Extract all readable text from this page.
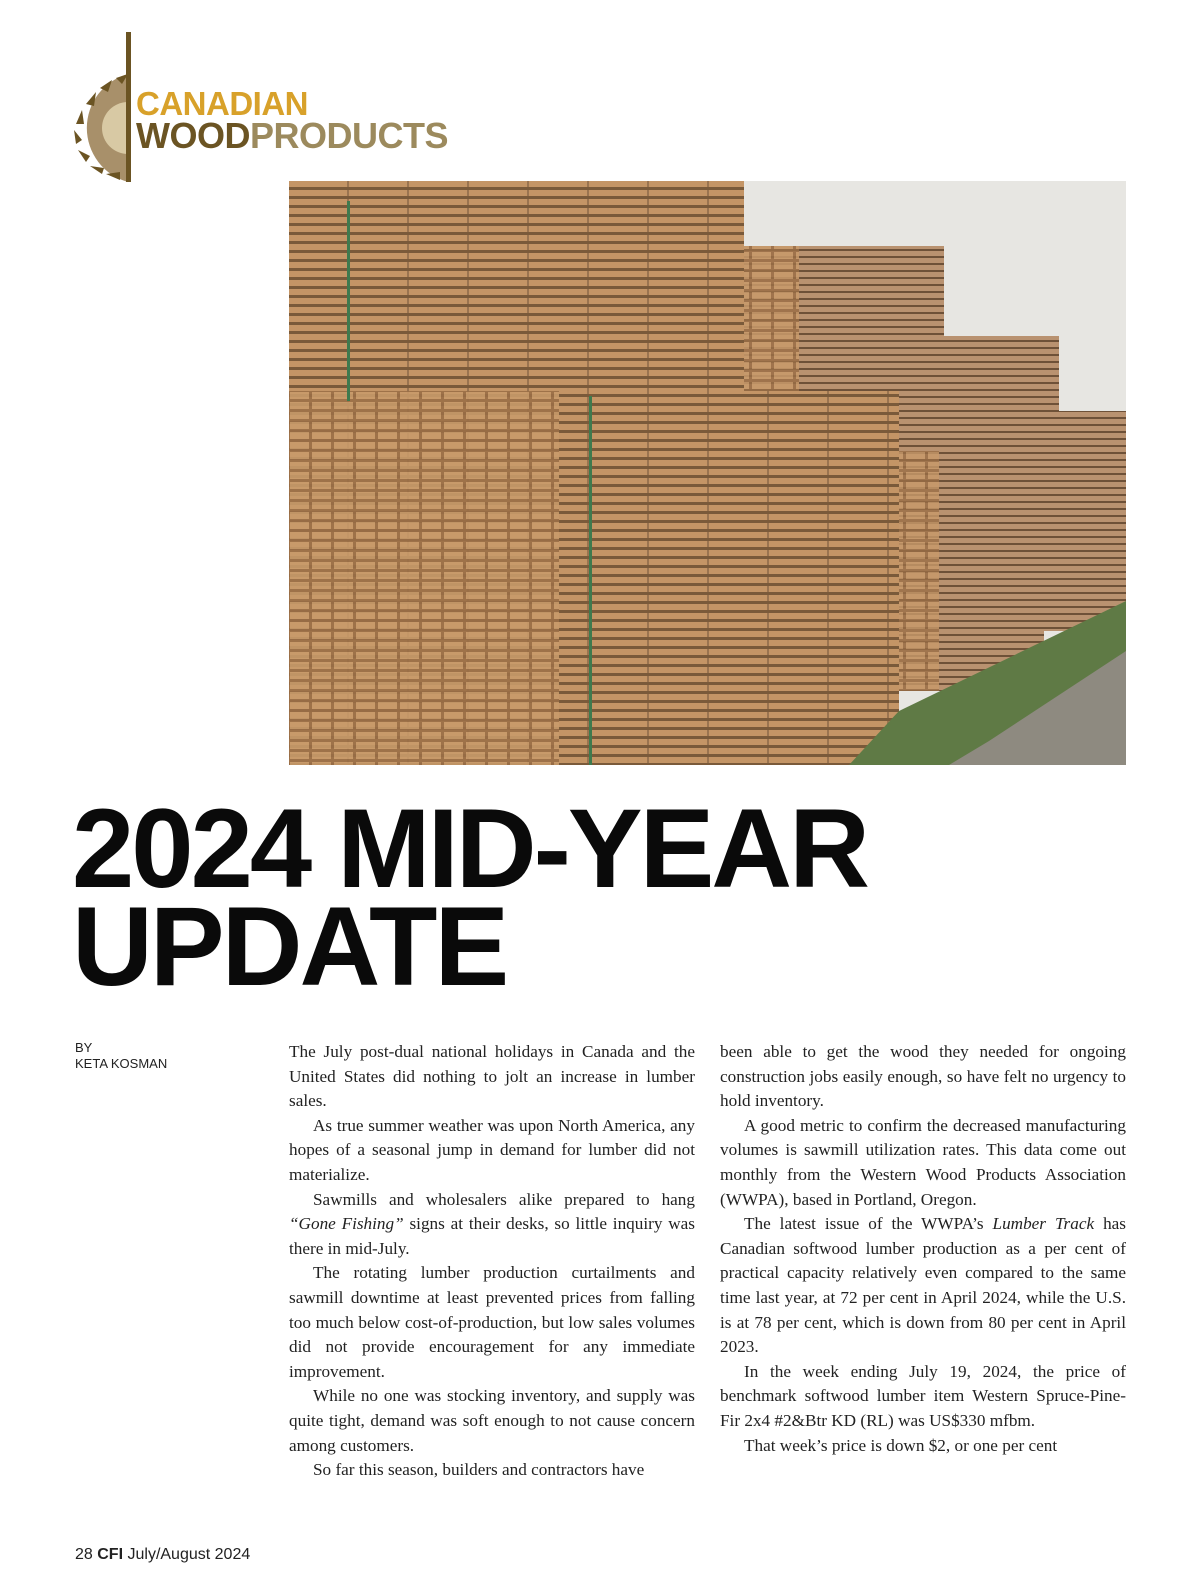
CANADIAN
WOODPRODUCTS
2024 MID-YEAR
UPDATE
BY
KETA KOSMAN

The July post-dual national holidays in Canada and the United States did nothing to jolt an increase in lumber sales.

As true summer weather was upon North America, any hopes of a seasonal jump in demand for lumber did not materialize.

Sawmills and wholesalers alike prepared to hang “Gone Fishing” signs at their desks, so little inquiry was there in mid-July.

The rotating lumber production curtailments and sawmill downtime at least prevented prices from falling too much below cost-of-production, but low sales volumes did not provide encouragement for any immediate improvement.

While no one was stocking inventory, and supply was quite tight, demand was soft enough to not cause concern among customers.

So far this season, builders and contractors have

been able to get the wood they needed for ongoing construction jobs easily enough, so have felt no urgency to hold inventory.

A good metric to confirm the decreased manufacturing volumes is sawmill utilization rates. This data come out monthly from the Western Wood Products Association (WWPA), based in Portland, Oregon.

The latest issue of the WWPA’s Lumber Track has Canadian softwood lumber production as a per cent of practical capacity relatively even compared to the same time last year, at 72 per cent in April 2024, while the U.S. is at 78 per cent, which is down from 80 per cent in April 2023.

In the week ending July 19, 2024, the price of benchmark softwood lumber item Western Spruce-Pine-Fir 2x4 #2&Btr KD (RL) was US$330 mfbm.

That week’s price is down $2, or one per cent

28 CFI July/August 2024
